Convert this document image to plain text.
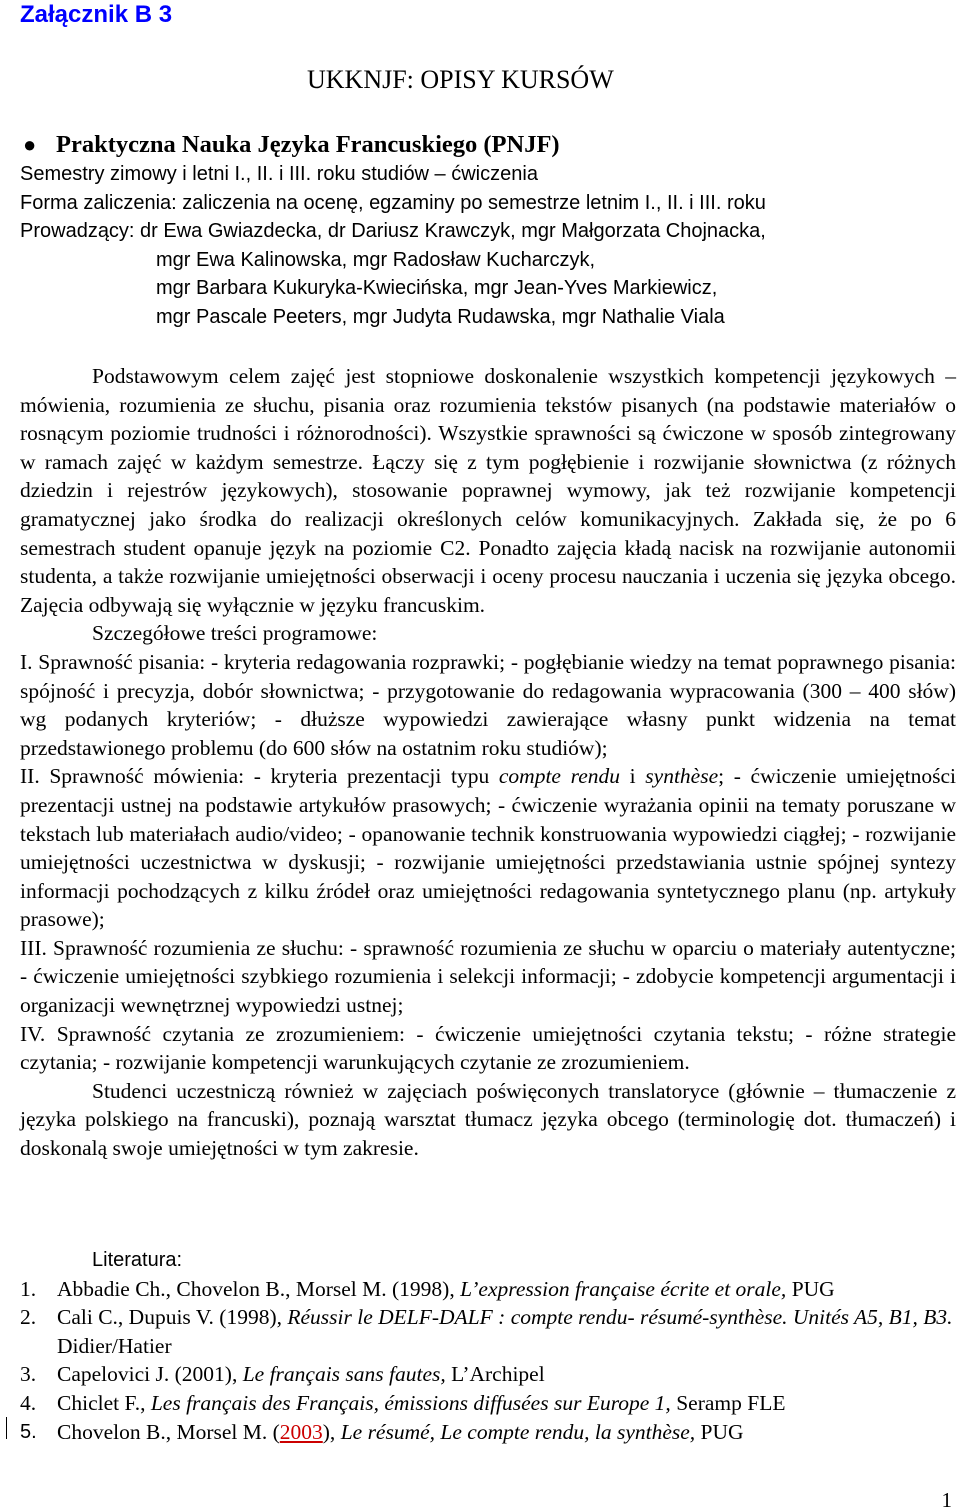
Załącznik B 3
UKKNJF: OPISY KURSÓW
● Praktyczna Nauka Języka Francuskiego (PNJF)
Semestry zimowy i letni I., II. i III. roku studiów – ćwiczenia
Forma zaliczenia: zaliczenia na ocenę, egzaminy po semestrze letnim I., II. i III. roku
Prowadzący: dr Ewa Gwiazdecka, dr Dariusz Krawczyk, mgr Małgorzata Chojnacka,
mgr Ewa Kalinowska, mgr Radosław Kucharczyk,
mgr Barbara Kukuryka-Kwiecińska, mgr Jean-Yves Markiewicz,
mgr Pascale Peeters, mgr Judyta Rudawska, mgr Nathalie Viala

Podstawowym celem zajęć jest stopniowe doskonalenie wszystkich kompetencji językowych – mówienia, rozumienia ze słuchu, pisania oraz rozumienia tekstów pisanych (na podstawie materiałów o rosnącym poziomie trudności i różnorodności). Wszystkie sprawności są ćwiczone w sposób zintegrowany w ramach zajęć w każdym semestrze. Łączy się z tym pogłębienie i rozwijanie słownictwa (z różnych dziedzin i rejestrów językowych), stosowanie poprawnej wymowy, jak też rozwijanie kompetencji gramatycznej jako środka do realizacji określonych celów komunikacyjnych. Zakłada się, że po 6 semestrach student opanuje język na poziomie C2. Ponadto zajęcia kładą nacisk na rozwijanie autonomii studenta, a także rozwijanie umiejętności obserwacji i oceny procesu nauczania i uczenia się języka obcego. Zajęcia odbywają się wyłącznie w języku francuskim.

Szczegółowe treści programowe:

I. Sprawność pisania: - kryteria redagowania rozprawki; - pogłębianie wiedzy na temat poprawnego pisania: spójność i precyzja, dobór słownictwa; - przygotowanie do redagowania wypracowania (300 – 400 słów) wg podanych kryteriów; - dłuższe wypowiedzi zawierające własny punkt widzenia na temat przedstawionego problemu (do 600 słów na ostatnim roku studiów);

II. Sprawność mówienia: - kryteria prezentacji typu compte rendu i synthèse; - ćwiczenie umiejętności prezentacji ustnej na podstawie artykułów prasowych; - ćwiczenie wyrażania opinii na tematy poruszane w tekstach lub materiałach audio/video; - opanowanie technik konstruowania wypowiedzi ciągłej; - rozwijanie umiejętności uczestnictwa w dyskusji; - rozwijanie umiejętności przedstawiania ustnie spójnej syntezy informacji pochodzących z kilku źródeł oraz umiejętności redagowania syntetycznego planu (np. artykuły prasowe);

III. Sprawność rozumienia ze słuchu: - sprawność rozumienia ze słuchu w oparciu o materiały autentyczne; - ćwiczenie umiejętności szybkiego rozumienia i selekcji informacji; - zdobycie kompetencji argumentacji i organizacji wewnętrznej wypowiedzi ustnej;

IV. Sprawność czytania ze zrozumieniem: - ćwiczenie umiejętności czytania tekstu; - różne strategie czytania; - rozwijanie kompetencji warunkujących czytanie ze zrozumieniem.

Studenci uczestniczą również w zajęciach poświęconych translatoryce (głównie – tłumaczenie z języka polskiego na francuski), poznają warsztat tłumacz języka obcego (terminologię dot. tłumaczeń) i doskonalą swoje umiejętności w tym zakresie.

Literatura:
1. Abbadie Ch., Chovelon B., Morsel M. (1998), L’expression française écrite et orale, PUG
2. Cali C., Dupuis V. (1998), Réussir le DELF-DALF : compte rendu- résumé-synthèse. Unités A5, B1, B3. Didier/Hatier
3. Capelovici J. (2001), Le français sans fautes, L’Archipel
4. Chiclet F., Les français des Français, émissions diffusées sur Europe 1, Seramp FLE
5. Chovelon B., Morsel M. (2003), Le résumé, Le compte rendu, la synthèse, PUG
1
